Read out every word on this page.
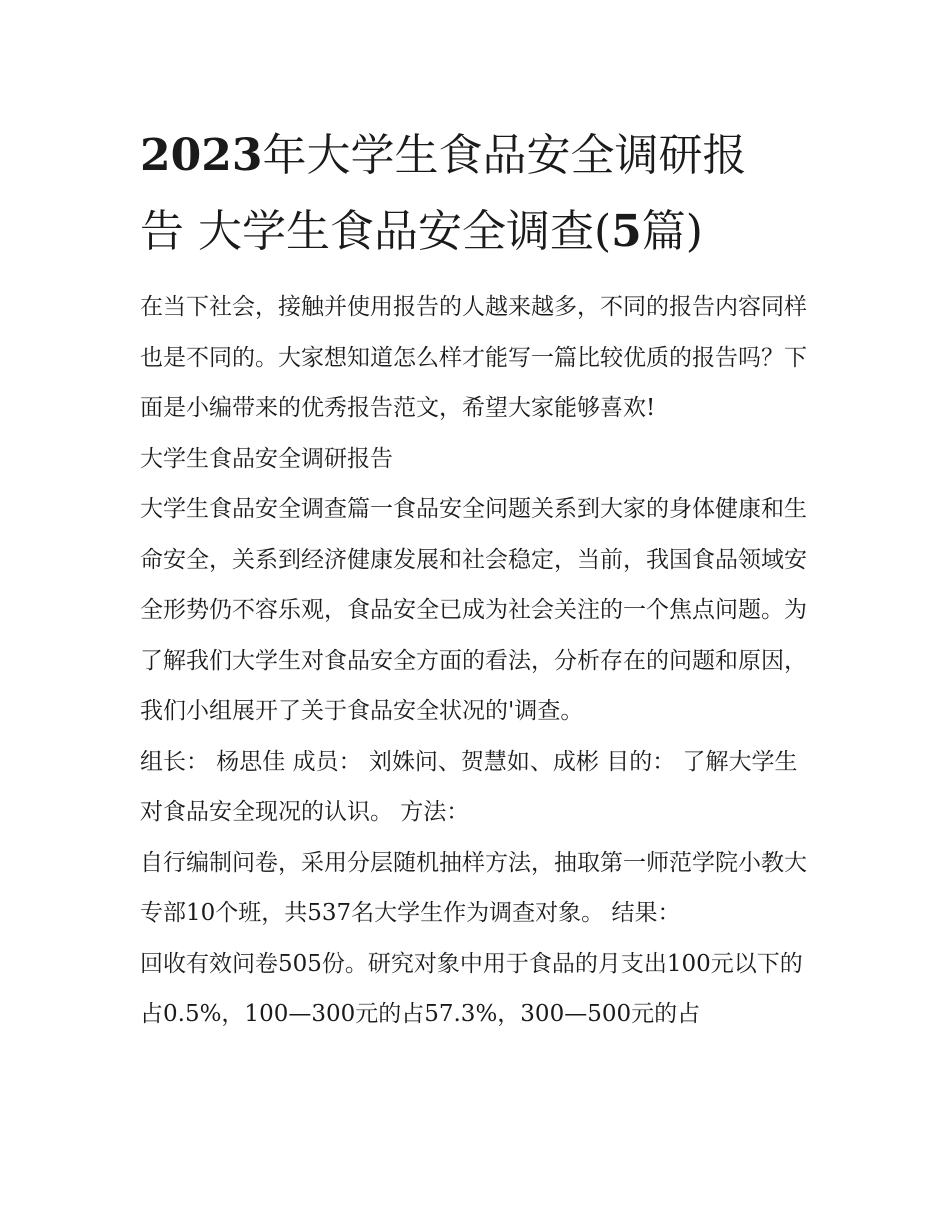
2023年大学生食品安全调研报
告 大学生食品安全调查(5篇)

在当下社会，接触并使用报告的人越来越多，不同的报告内容同样也是不同的。大家想知道怎么样才能写一篇比较优质的报告吗？下面是小编带来的优秀报告范文，希望大家能够喜欢!

大学生食品安全调研报告

大学生食品安全调查篇一食品安全问题关系到大家的身体健康和生命安全，关系到经济健康发展和社会稳定，当前，我国食品领域安全形势仍不容乐观，食品安全已成为社会关注的一个焦点问题。为了解我们大学生对食品安全方面的看法，分析存在的问题和原因，我们小组展开了关于食品安全状况的'调查。

组长： 杨思佳 成员： 刘姝问、贺慧如、成彬 目的： 了解大学生对食品安全现况的认识。 方法：

自行编制问卷，采用分层随机抽样方法，抽取第一师范学院小教大专部10个班，共537名大学生作为调查对象。 结果：

回收有效问卷505份。研究对象中用于食品的月支出100元以下的占0.5%，100—300元的占57.3%，300—500元的占
